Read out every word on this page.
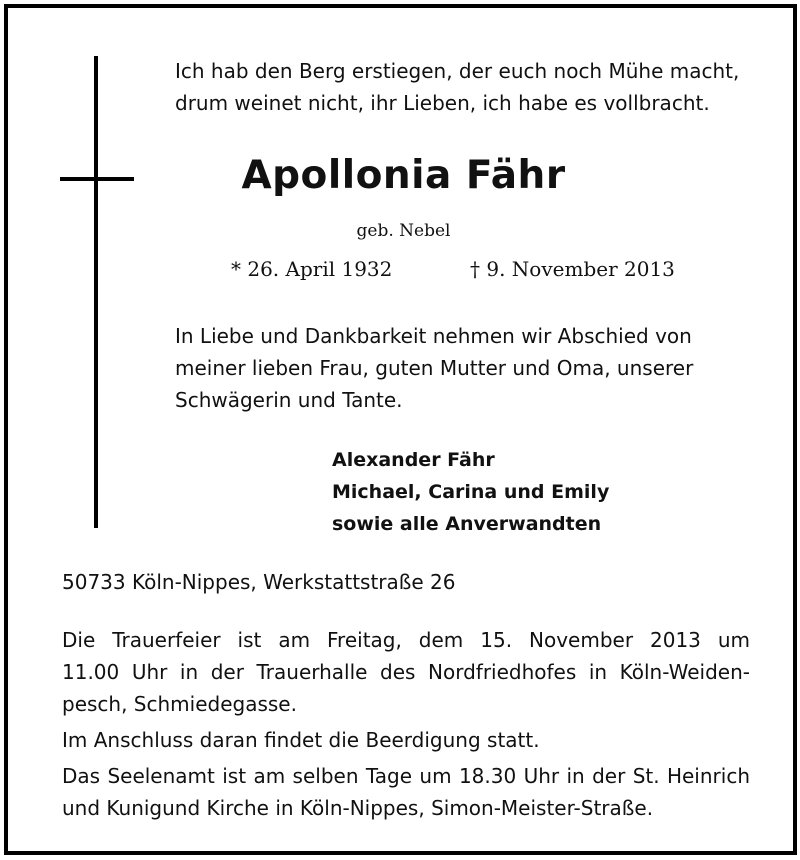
Ich hab den Berg erstiegen, der euch noch Mühe macht,
drum weinet nicht, ihr Lieben, ich habe es vollbracht.
Apollonia Fähr
geb. Nebel
* 26. April 1932	† 9. November 2013
In Liebe und Dankbarkeit nehmen wir Abschied von
meiner lieben Frau, guten Mutter und Oma, unserer
Schwägerin und Tante.
Alexander Fähr
Michael, Carina und Emily
sowie alle Anverwandten
50733 Köln-Nippes, Werkstattstraße 26
Die Trauerfeier ist am Freitag, dem 15. November 2013 um
11.00 Uhr in der Trauerhalle des Nordfriedhofes in Köln-Weiden-
pesch, Schmiedegasse.
Im Anschluss daran findet die Beerdigung statt.
Das Seelenamt ist am selben Tage um 18.30 Uhr in der St. Heinrich
und Kunigund Kirche in Köln-Nippes, Simon-Meister-Straße.
